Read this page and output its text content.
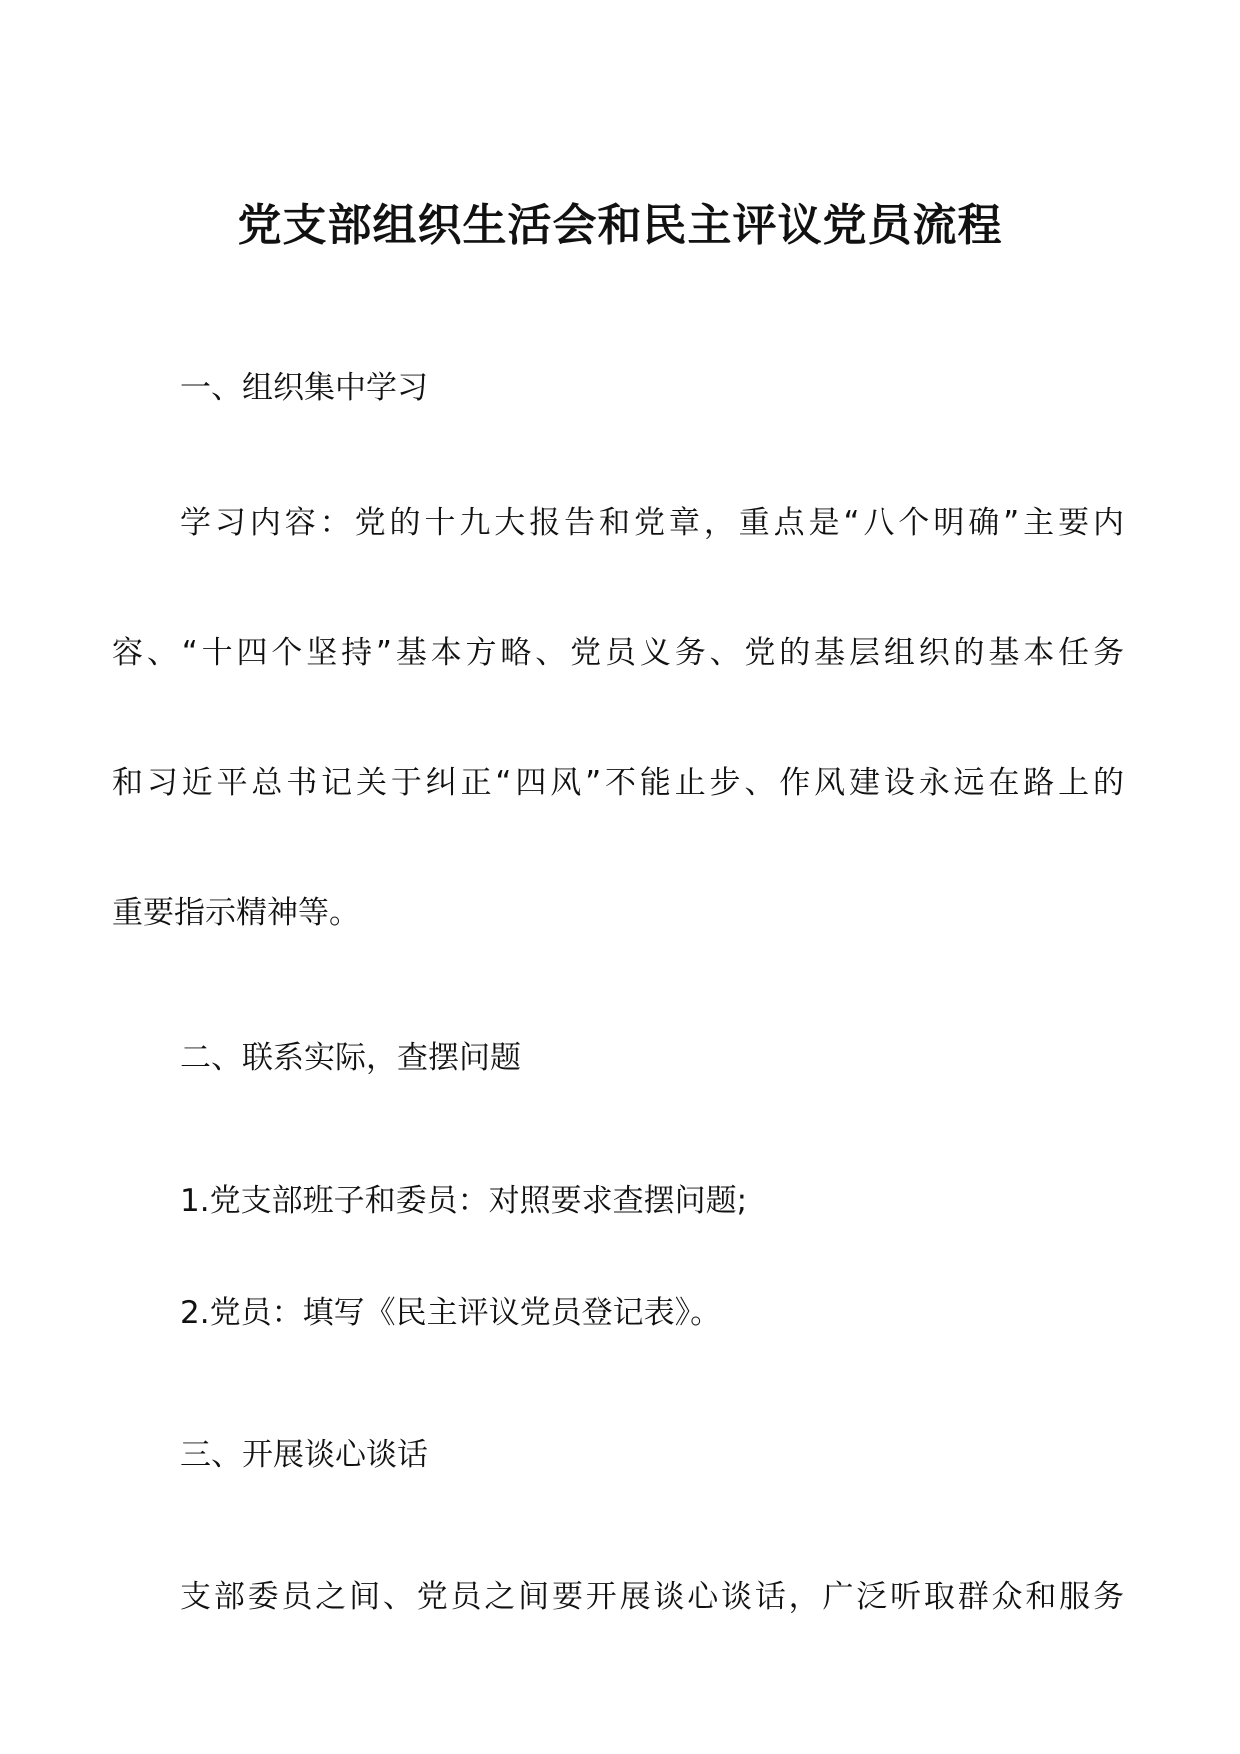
党支部组织生活会和民主评议党员流程
一、组织集中学习
学习内容：党的十九大报告和党章，重点是“八个明确”主要内
容、“十四个坚持”基本方略、党员义务、党的基层组织的基本任务
和习近平总书记关于纠正“四风”不能止步、作风建设永远在路上的
重要指示精神等。
二、联系实际，查摆问题
1.党支部班子和委员：对照要求查摆问题;
2.党员：填写《民主评议党员登记表》。
三、开展谈心谈话
支部委员之间、党员之间要开展谈心谈话，广泛听取群众和服务
